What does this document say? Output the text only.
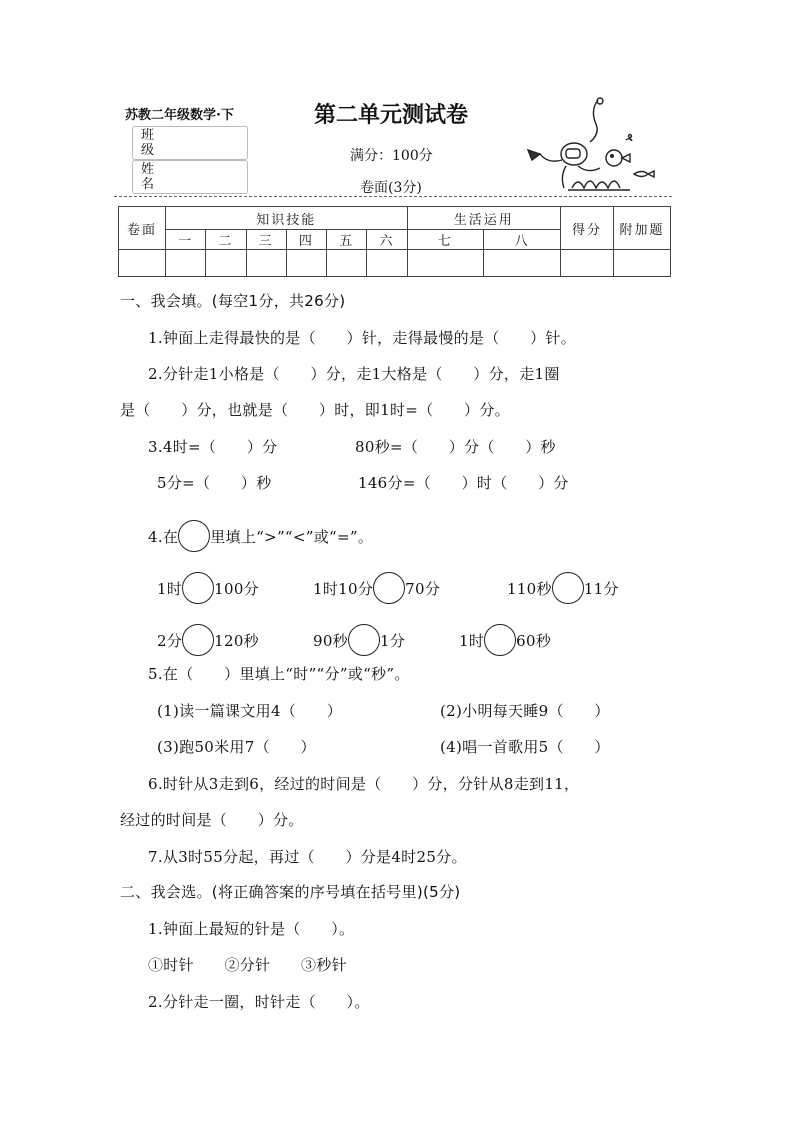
苏教二年级数学·下	第二单元测试卷
满分：100分
卷面(3分)
班级
姓名
卷面	知识技能						生活运用		得分	附加题
	一	二	三	四	五	六	七	八		

一、我会填。(每空1分，共26分)
1.钟面上走得最快的是（　　）针，走得最慢的是（　　）针。
2.分针走1小格是（　　）分，走1大格是（　　）分，走1圈
是（　　）分，也就是（　　）时，即1时=（　　）分。
3.4时=（　　）分	80秒=（　　）分（　　）秒
5分=（　　）秒	146分=（　　）时（　　）分
4.在 里填上“>”“<”或“=”。
1时 100分	1时10分 70分	110秒 11分
2分 120秒	90秒 1分	1时 60秒
5.在（　　）里填上“时”“分”或“秒”。
(1)读一篇课文用4（　　）	(2)小明每天睡9（　　）
(3)跑50米用7（　　）	(4)唱一首歌用5（　　）
6.时针从3走到6，经过的时间是（　　）分，分针从8走到11，
经过的时间是（　　）分。
7.从3时55分起，再过（　　）分是4时25分。
二、我会选。(将正确答案的序号填在括号里)(5分)
1.钟面上最短的针是（　　）。
①时针　　②分针　　③秒针
2.分针走一圈，时针走（　　）。
